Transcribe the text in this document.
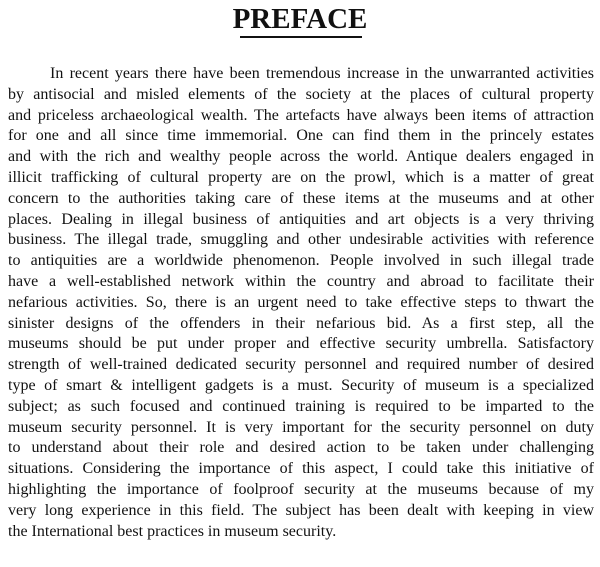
PREFACE
In recent years there have been tremendous increase in the unwarranted activities
by antisocial and misled elements of the society at the places of cultural property
and priceless archaeological wealth. The artefacts have always been items of attraction
for one and all since time immemorial. One can find them in the princely estates
and with the rich and wealthy people across the world. Antique dealers engaged in
illicit trafficking of cultural property are on the prowl, which is a matter of great
concern to the authorities taking care of these items at the museums and at other
places. Dealing in illegal business of antiquities and art objects is a very thriving
business. The illegal trade, smuggling and other undesirable activities with reference
to antiquities are a worldwide phenomenon. People involved in such illegal trade
have a well-established network within the country and abroad to facilitate their
nefarious activities. So, there is an urgent need to take effective steps to thwart the
sinister designs of the offenders in their nefarious bid. As a first step, all the
museums should be put under proper and effective security umbrella. Satisfactory
strength of well-trained dedicated security personnel and required number of desired
type of smart & intelligent gadgets is a must. Security of museum is a specialized
subject; as such focused and continued training is required to be imparted to the
museum security personnel. It is very important for the security personnel on duty
to understand about their role and desired action to be taken under challenging
situations. Considering the importance of this aspect, I could take this initiative of
highlighting the importance of foolproof security at the museums because of my
very long experience in this field. The subject has been dealt with keeping in view
the International best practices in museum security.
